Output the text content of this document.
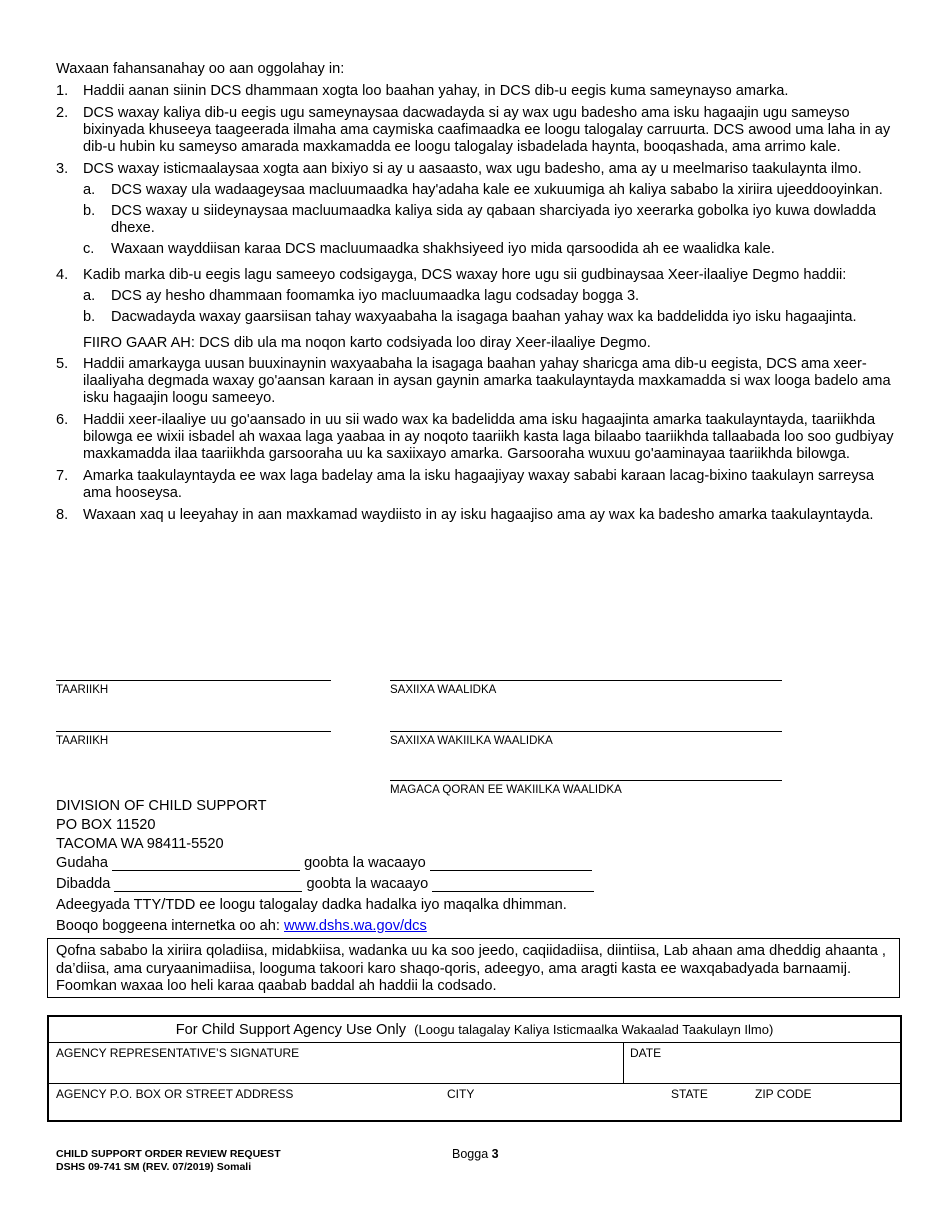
Waxaan fahansanahay oo aan oggolahay in:
1.	Haddii aanan siinin DCS dhammaan xogta loo baahan yahay, in DCS dib-u eegis kuma sameynayso amarka.
2.	DCS waxay kaliya dib-u eegis ugu sameynaysaa dacwadayda si ay wax ugu badesho ama isku hagaajin ugu sameyso bixinyada khuseeya taageerada ilmaha ama caymiska caafimaadka ee loogu talogalay carruurta. DCS awood uma laha in ay dib-u hubin ku sameyso amarada maxkamadda ee loogu talogalay isbadelada haynta, booqashada, ama arrimo kale.
3.	DCS waxay isticmaalaysaa xogta aan bixiyo si ay u aasaasto, wax ugu badesho, ama ay u meelmariso taakulaynta ilmo.
a.	DCS waxay ula wadaageysaa macluumaadka hay'adaha kale ee xukuumiga ah kaliya sababo la xiriira ujeeddooyinkan.
b.	DCS waxay u siideynaysaa macluumaadka kaliya sida ay qabaan sharciyada iyo xeerarka gobolka iyo kuwa dowladda dhexe.
c.	Waxaan wayddiisan karaa DCS macluumaadka shakhsiyeed iyo mida qarsoodida ah ee waalidka kale.
4.	Kadib marka dib-u eegis lagu sameeyo codsigayga, DCS waxay hore ugu sii gudbinaysaa Xeer-ilaaliye Degmo haddii:
a.	DCS ay hesho dhammaan foomamka iyo macluumaadka lagu codsaday bogga 3.
b.	Dacwadayda waxay gaarsiisan tahay waxyaabaha la isagaga baahan yahay wax ka baddelidda iyo isku hagaajinta.
FIIRO GAAR AH: DCS dib ula ma noqon karto codsiyada loo diray Xeer-ilaaliye Degmo.
5.	Haddii amarkayga uusan buuxinaynin waxyaabaha la isagaga baahan yahay sharicga ama dib-u eegista, DCS ama xeer-ilaaliyaha degmada waxay go'aansan karaan in aysan gaynin amarka taakulayntayda maxkamadda si wax looga badelo ama isku hagaajin loogu sameeyo.
6.	Haddii xeer-ilaaliye uu go'aansado in uu sii wado wax ka badelidda ama isku hagaajinta amarka taakulayntayda, taariikhda bilowga ee wixii isbadel ah waxaa laga yaabaa in ay noqoto taariikh kasta laga bilaabo taariikhda tallaabada loo soo gudbiyay maxkamadda ilaa taariikhda garsooraha uu ka saxiixayo amarka. Garsooraha wuxuu go'aaminayaa taariikhda bilowga.
7.	Amarka taakulayntayda ee wax laga badelay ama la isku hagaajiyay waxay sababi karaan lacag-bixino taakulayn sarreysa ama hooseysa.
8.	Waxaan xaq u leeyahay in aan maxkamad waydiisto in ay isku hagaajiso ama ay wax ka badesho amarka taakulayntayda.
TAARIIKH	SAXIIXA WAALIDKA
TAARIIKH	SAXIIXA WAKIILKA WAALIDKA
MAGACA QORAN EE WAKIILKA WAALIDKA
DIVISION OF CHILD SUPPORT
PO BOX 11520
TACOMA WA 98411-5520
Gudaha	goobta la wacaayo
Dibadda	goobta la wacaayo
Adeegyada TTY/TDD ee loogu talogalay dadka hadalka iyo maqalka dhimman.
Booqo boggeena internetka oo ah: www.dshs.wa.gov/dcs
Qofna sababo la xiriira qoladiisa, midabkiisa, wadanka uu ka soo jeedo, caqiidadiisa, diintiisa, Lab ahaan ama dheddig ahaanta , da’diisa, ama curyaanimadiisa, looguma takoori karo shaqo-qoris, adeegyo, ama aragti kasta ee waxqabadyada barnaamij. Foomkan waxaa loo heli karaa qaabab baddal ah haddii la codsado.
For Child Support Agency Use Only (Loogu talagalay Kaliya Isticmaalka Wakaalad Taakulayn Ilmo)
AGENCY REPRESENTATIVE’S SIGNATURE	DATE
AGENCY P.O. BOX OR STREET ADDRESS	CITY	STATE	ZIP CODE
CHILD SUPPORT ORDER REVIEW REQUEST
DSHS 09-741 SM (REV. 07/2019) Somali
Bogga 3
